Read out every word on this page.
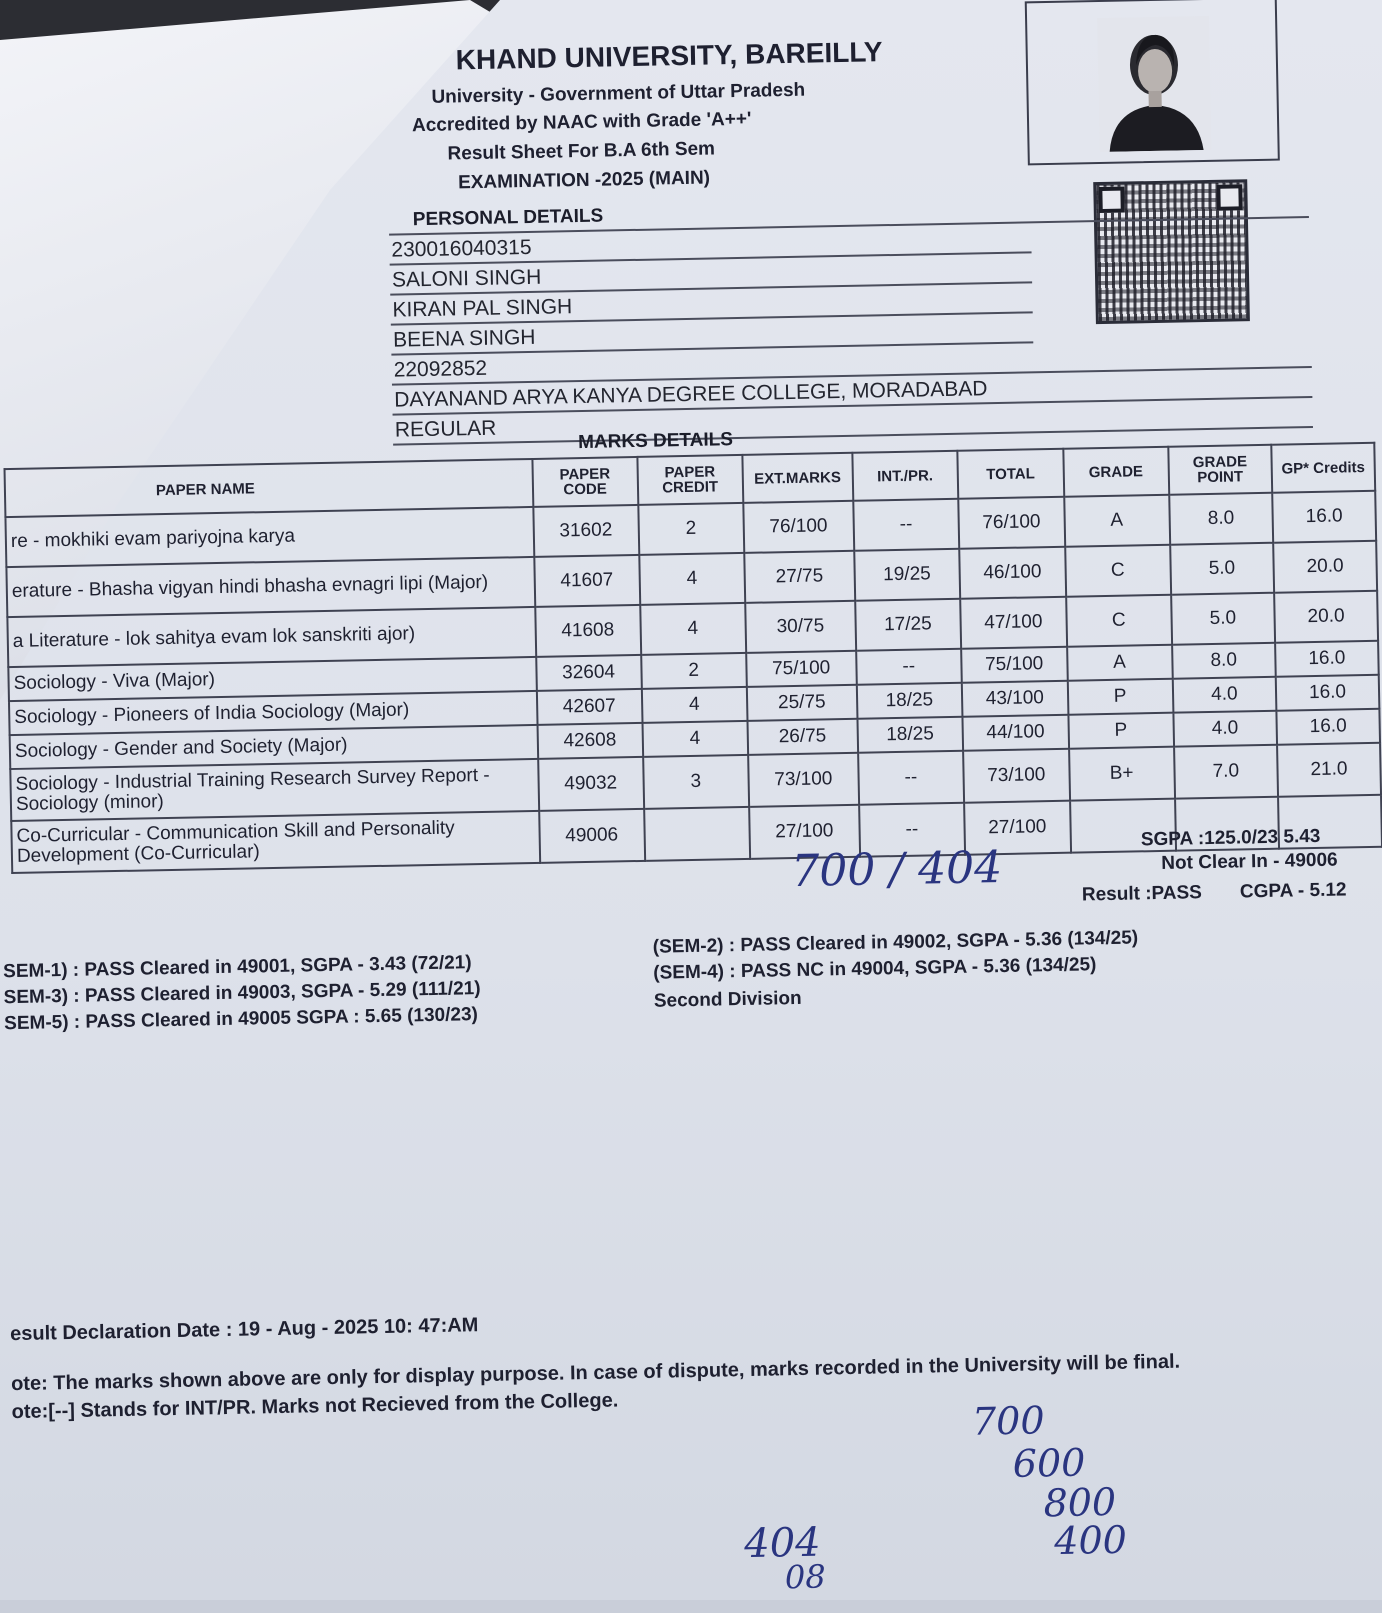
KHAND UNIVERSITY, BAREILLY
University - Government of Uttar Pradesh
Accredited by NAAC with Grade 'A++'
Result Sheet For B.A 6th Sem
EXAMINATION -2025 (MAIN)
PERSONAL DETAILS
230016040315
SALONI SINGH
KIRAN PAL SINGH
BEENA SINGH
22092852
DAYANAND ARYA KANYA DEGREE COLLEGE, MORADABAD
REGULAR	MARKS DETAILS
PAPER NAME	PAPER CODE	PAPER CREDIT	EXT.MARKS	INT./PR.	TOTAL	GRADE	GRADE POINT	GP* Credits
re - mokhiki evam pariyojna karya	31602	2	76/100	--	76/100	A	8.0	16.0
erature - Bhasha vigyan hindi bhasha evnagri lipi (Major)	41607	4	27/75	19/25	46/100	C	5.0	20.0
a Literature - lok sahitya evam lok sanskriti ajor)	41608	4	30/75	17/25	47/100	C	5.0	20.0
Sociology - Viva (Major)	32604	2	75/100	--	75/100	A	8.0	16.0
Sociology - Pioneers of India Sociology (Major)	42607	4	25/75	18/25	43/100	P	4.0	16.0
Sociology - Gender and Society (Major)	42608	4	26/75	18/25	44/100	P	4.0	16.0
Sociology - Industrial Training Research Survey Report - Sociology (minor)	49032	3	73/100	--	73/100	B+	7.0	21.0
Co-Curricular - Communication Skill and Personality Development (Co-Curricular)	49006		27/100	--	27/100				SGPA :125.0/23 5.43
Not Clear In - 49006
Result :PASS CGPA - 5.12
700 / 404
SEM-1) : PASS Cleared in 49001, SGPA - 3.43 (72/21)
SEM-3) : PASS Cleared in 49003, SGPA - 5.29 (111/21)
SEM-5) : PASS Cleared in 49005 SGPA : 5.65 (130/23)
(SEM-2) : PASS Cleared in 49002, SGPA - 5.36 (134/25)
(SEM-4) : PASS NC in 49004, SGPA - 5.36 (134/25)
Second Division
esult Declaration Date : 19 - Aug - 2025 10: 47:AM
ote: The marks shown above are only for display purpose. In case of dispute, marks recorded in the University will be final.
ote:[--] Stands for INT/PR. Marks not Recieved from the College.	700
600
800
400
404
08
